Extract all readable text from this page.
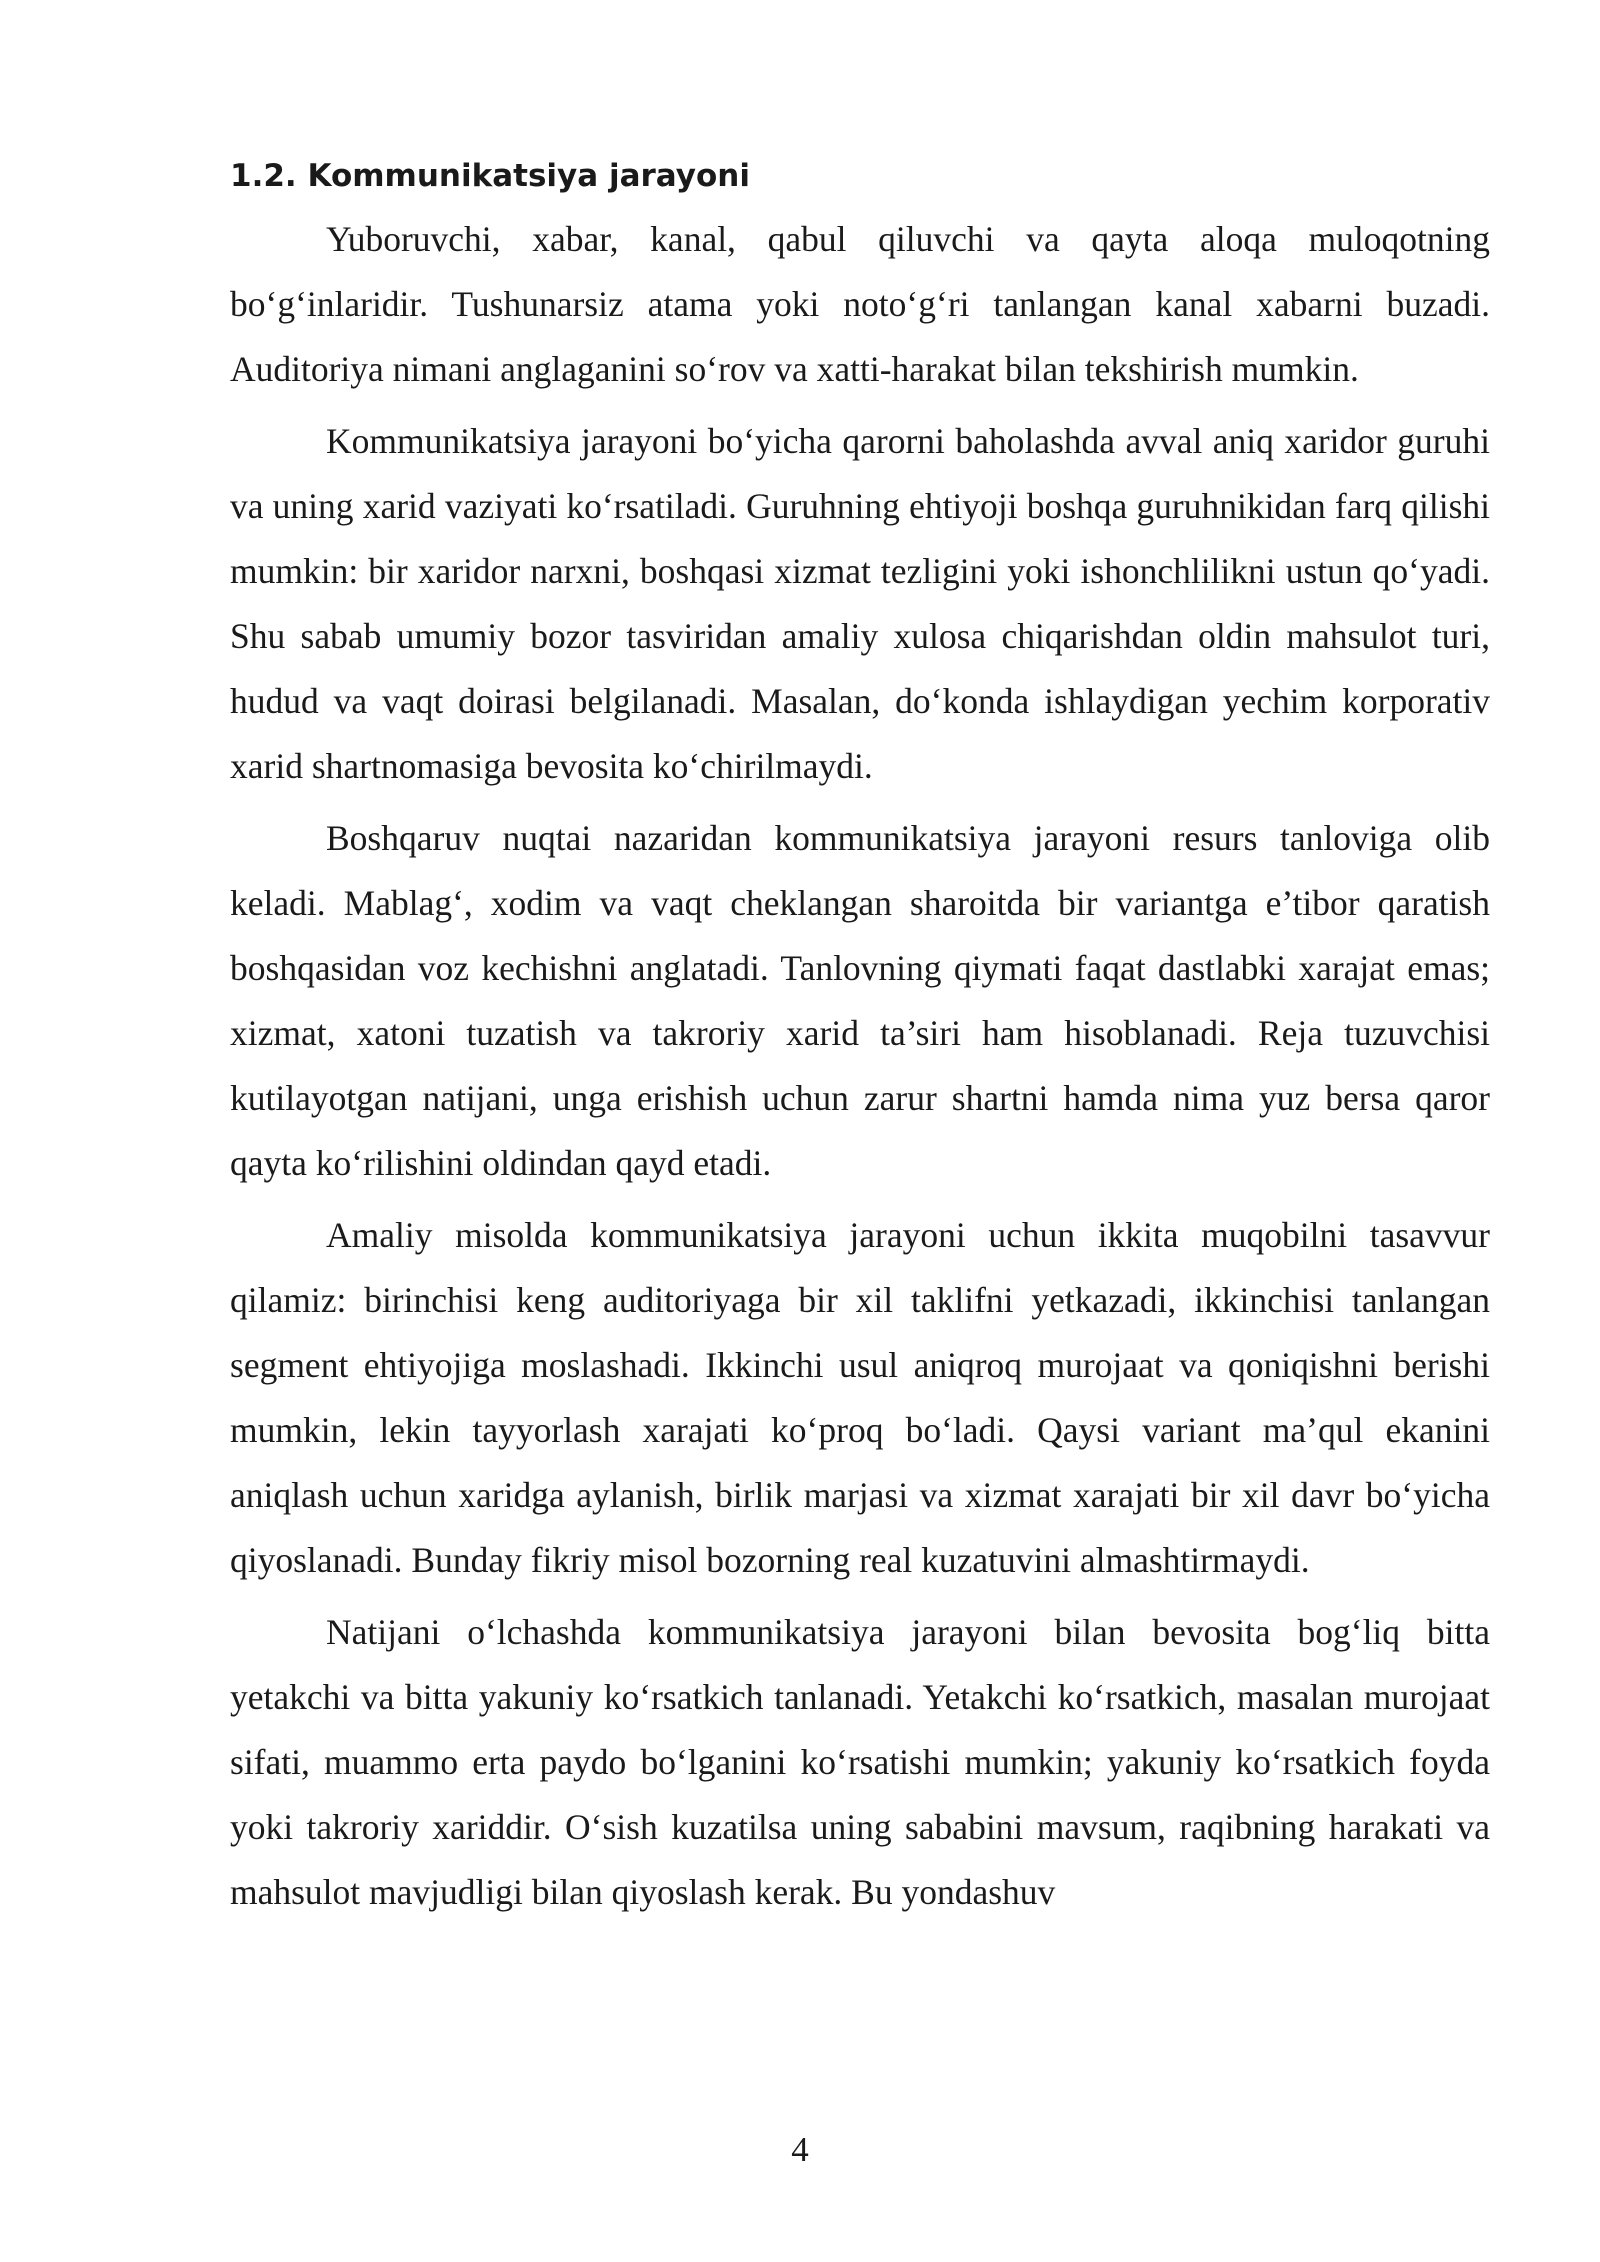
1.2. Kommunikatsiya jarayoni

Yuboruvchi, xabar, kanal, qabul qiluvchi va qayta aloqa muloqotning bo‘g‘inlaridir. Tushunarsiz atama yoki noto‘g‘ri tanlangan kanal xabarni buzadi. Auditoriya nimani anglaganini so‘rov va xatti-harakat bilan tekshirish mumkin.

Kommunikatsiya jarayoni bo‘yicha qarorni baholashda avval aniq xaridor guruhi va uning xarid vaziyati ko‘rsatiladi. Guruhning ehtiyoji boshqa guruhnikidan farq qilishi mumkin: bir xaridor narxni, boshqasi xizmat tezligini yoki ishonchlilikni ustun qo‘yadi. Shu sabab umumiy bozor tasviridan amaliy xulosa chiqarishdan oldin mahsulot turi, hudud va vaqt doirasi belgilanadi. Masalan, do‘konda ishlaydigan yechim korporativ xarid shartnomasiga bevosita ko‘chirilmaydi.

Boshqaruv nuqtai nazaridan kommunikatsiya jarayoni resurs tanloviga olib keladi. Mablag‘, xodim va vaqt cheklangan sharoitda bir variantga e’tibor qaratish boshqasidan voz kechishni anglatadi. Tanlovning qiymati faqat dastlabki xarajat emas; xizmat, xatoni tuzatish va takroriy xarid ta’siri ham hisoblanadi. Reja tuzuvchisi kutilayotgan natijani, unga erishish uchun zarur shartni hamda nima yuz bersa qaror qayta ko‘rilishini oldindan qayd etadi.

Amaliy misolda kommunikatsiya jarayoni uchun ikkita muqobilni tasavvur qilamiz: birinchisi keng auditoriyaga bir xil taklifni yetkazadi, ikkinchisi tanlangan segment ehtiyojiga moslashadi. Ikkinchi usul aniqroq murojaat va qoniqishni berishi mumkin, lekin tayyorlash xarajati ko‘proq bo‘ladi. Qaysi variant ma’qul ekanini aniqlash uchun xaridga aylanish, birlik marjasi va xizmat xarajati bir xil davr bo‘yicha qiyoslanadi. Bunday fikriy misol bozorning real kuzatuvini almashtirmaydi.

Natijani o‘lchashda kommunikatsiya jarayoni bilan bevosita bog‘liq bitta yetakchi va bitta yakuniy ko‘rsatkich tanlanadi. Yetakchi ko‘rsatkich, masalan murojaat sifati, muammo erta paydo bo‘lganini ko‘rsatishi mumkin; yakuniy ko‘rsatkich foyda yoki takroriy xariddir. O‘sish kuzatilsa uning sababini mavsum, raqibning harakati va mahsulot mavjudligi bilan qiyoslash kerak. Bu yondashuv

4
